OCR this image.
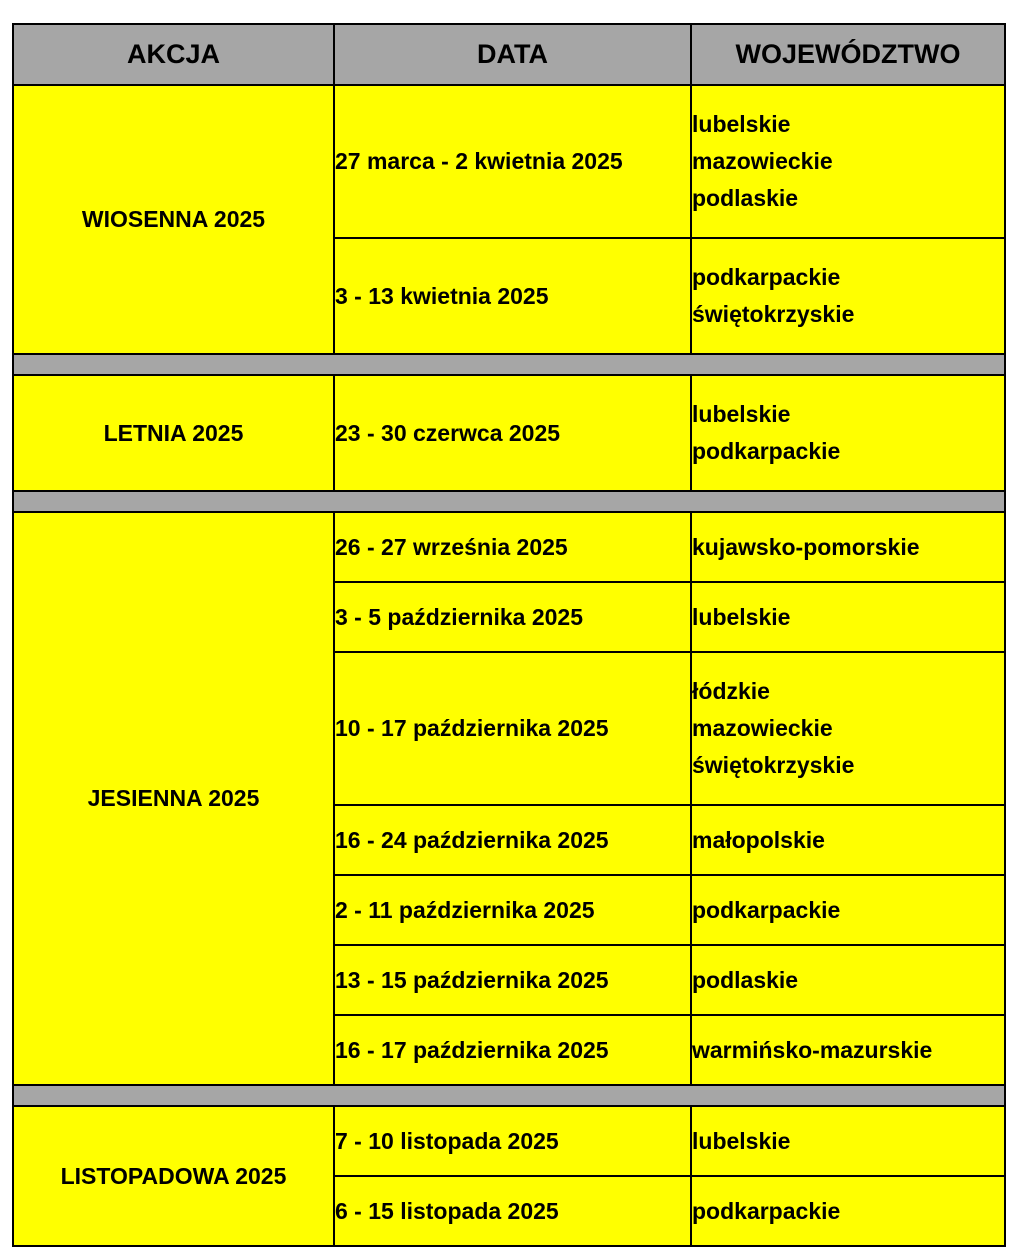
AKCJA	DATA	WOJEWÓDZTWO
WIOSENNA 2025	27 marca - 2 kwietnia 2025	lubelskie
mazowieckie
podlaskie

	3 - 13 kwietnia 2025	podkarpackie
świętokrzyskie

LETNIA 2025	23 - 30 czerwca 2025	lubelskie
podkarpackie

JESIENNA 2025	26 - 27 września 2025	kujawsko-pomorskie

	3 - 5 października 2025	lubelskie

	10 - 17 października 2025	łódzkie
mazowieckie
świętokrzyskie

	16 - 24 października 2025	małopolskie

	2 - 11 października 2025	podkarpackie

	13 - 15 października 2025	podlaskie

	16 - 17 października 2025	warmińsko-mazurskie

LISTOPADOWA 2025	7 - 10 listopada 2025	lubelskie

	6 - 15 listopada 2025	podkarpackie
